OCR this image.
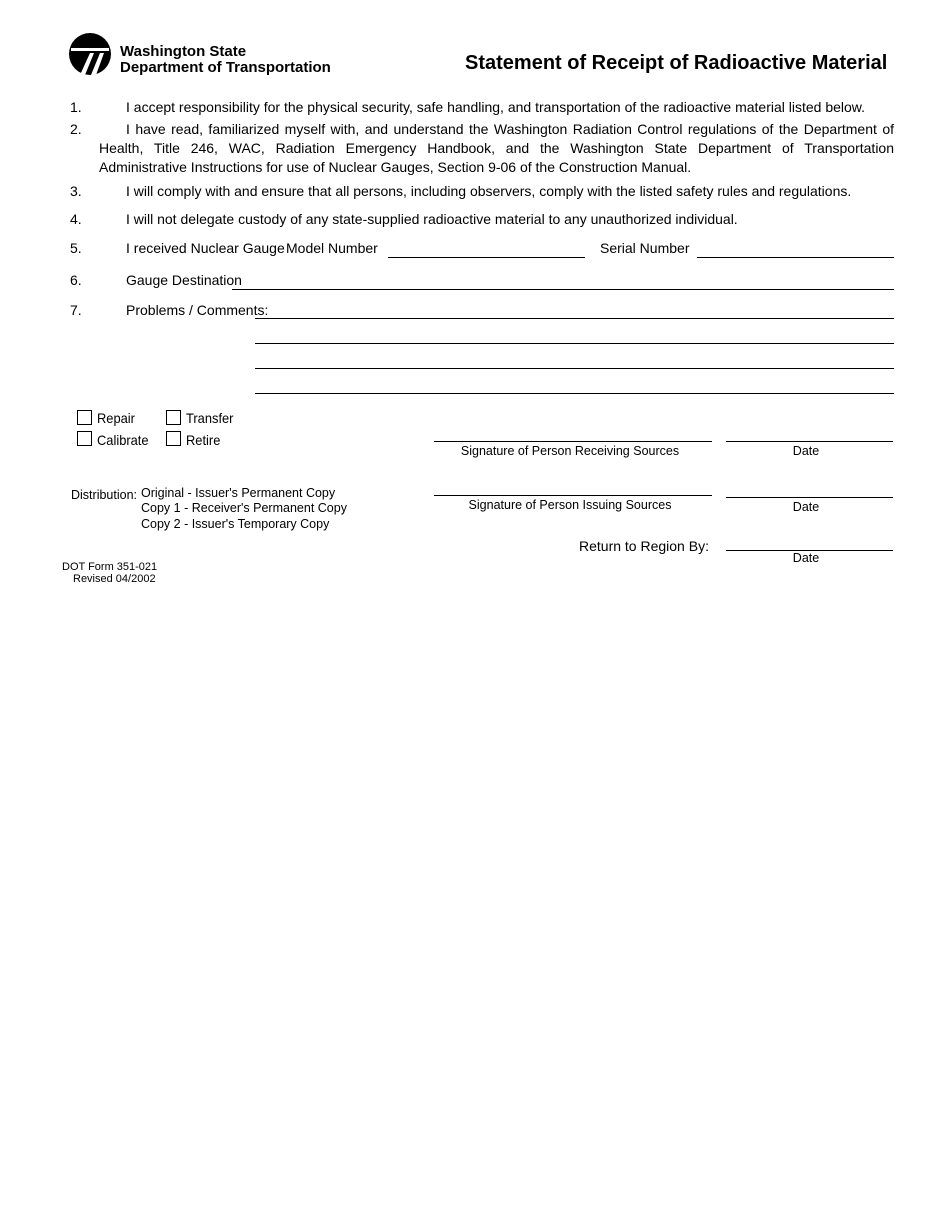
Washington State
Department of Transportation	Statement of Receipt of Radioactive Material
1.	I accept responsibility for the physical security, safe handling, and transportation of the radioactive material listed below.
2.	I have read, familiarized myself with, and understand the Washington Radiation Control regulations of the Department of Health, Title 246, WAC, Radiation Emergency Handbook, and the Washington State Department of Transportation Administrative Instructions for use of Nuclear Gauges, Section 9-06 of the Construction Manual.
3.	I will comply with and ensure that all persons, including observers, comply with the listed safety rules and regulations.
4.	I will not delegate custody of any state-supplied radioactive material to any unauthorized individual.
5.	I received Nuclear Gauge Model Number	Serial Number
6.	Gauge Destination
7.	Problems / Comments:
Repair	Transfer
Calibrate	Retire
Signature of Person Receiving Sources	Date
Signature of Person Issuing Sources	Date
Return to Region By:
Date
Distribution: Original - Issuer's Permanent Copy
Copy 1 - Receiver's Permanent Copy
Copy 2 - Issuer's Temporary Copy
DOT Form 351-021
Revised 04/2002
